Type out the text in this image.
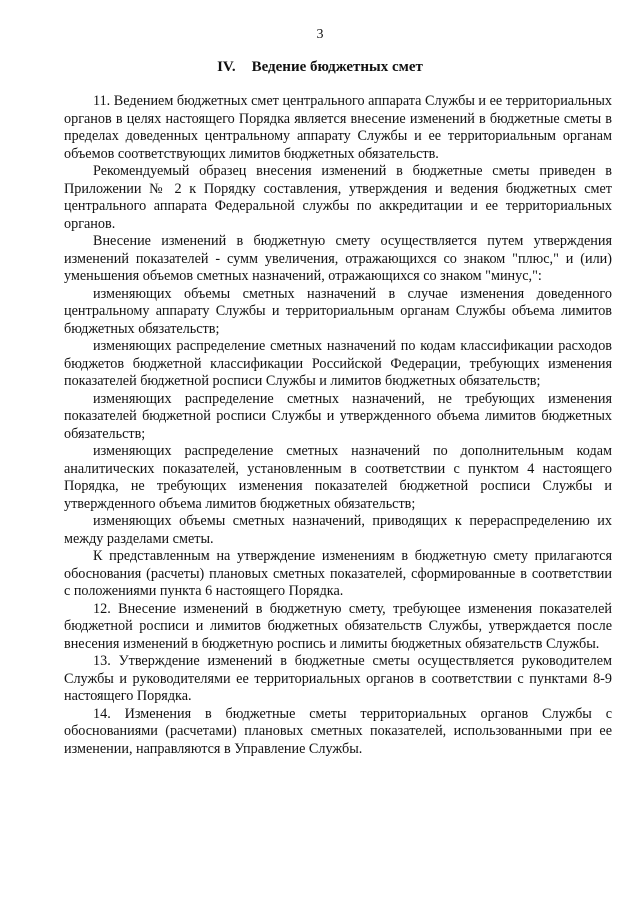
3
IV. Ведение бюджетных смет

11. Ведением бюджетных смет центрального аппарата Службы и ее территориальных органов в целях настоящего Порядка является внесение изменений в бюджетные сметы в пределах доведенных центральному аппарату Службы и ее территориальным органам объемов соответствующих лимитов бюджетных обязательств.

Рекомендуемый образец внесения изменений в бюджетные сметы приведен в Приложении № 2 к Порядку составления, утверждения и ведения бюджетных смет центрального аппарата Федеральной службы по аккредитации и ее территориальных органов.

Внесение изменений в бюджетную смету осуществляется путем утверждения изменений показателей - сумм увеличения, отражающихся со знаком "плюс," и (или) уменьшения объемов сметных назначений, отражающихся со знаком "минус,":

изменяющих объемы сметных назначений в случае изменения доведенного центральному аппарату Службы и территориальным органам Службы объема лимитов бюджетных обязательств;

изменяющих распределение сметных назначений по кодам классификации расходов бюджетов бюджетной классификации Российской Федерации, требующих изменения показателей бюджетной росписи Службы и лимитов бюджетных обязательств;

изменяющих распределение сметных назначений, не требующих изменения показателей бюджетной росписи Службы и утвержденного объема лимитов бюджетных обязательств;

изменяющих распределение сметных назначений по дополнительным кодам аналитических показателей, установленным в соответствии с пунктом 4 настоящего Порядка, не требующих изменения показателей бюджетной росписи Службы и утвержденного объема лимитов бюджетных обязательств;

изменяющих объемы сметных назначений, приводящих к перераспределению их между разделами сметы.

К представленным на утверждение изменениям в бюджетную смету прилагаются обоснования (расчеты) плановых сметных показателей, сформированные в соответствии с положениями пункта 6 настоящего Порядка.

12. Внесение изменений в бюджетную смету, требующее изменения показателей бюджетной росписи и лимитов бюджетных обязательств Службы, утверждается после внесения изменений в бюджетную роспись и лимиты бюджетных обязательств Службы.

13. Утверждение изменений в бюджетные сметы осуществляется руководителем Службы и руководителями ее территориальных органов в соответствии с пунктами 8-9 настоящего Порядка.

14. Изменения в бюджетные сметы территориальных органов Службы с обоснованиями (расчетами) плановых сметных показателей, использованными при ее изменении, направляются в Управление Службы.
